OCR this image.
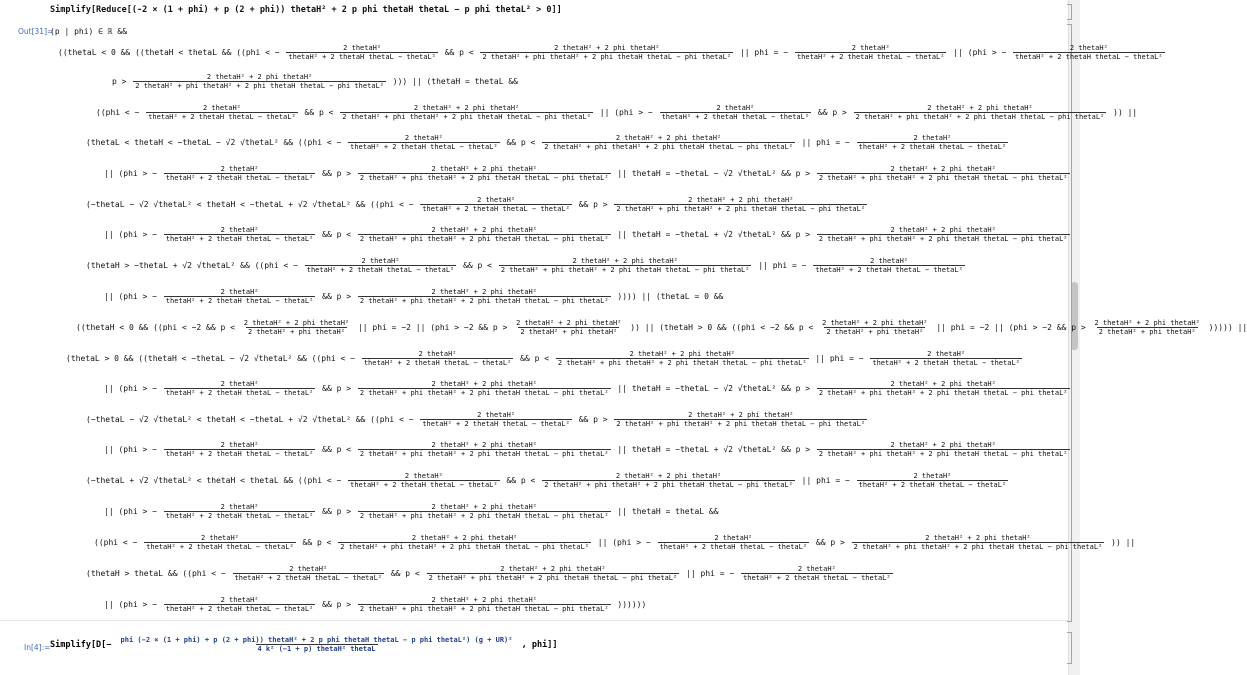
Simplify[Reduce[(-2 × (1 + phi) + p (2 + phi)) thetaH² + 2 p phi thetaH thetaL − p phi thetaL² > 0]]
Out[31]=
(p | phi) ∈ ℝ &&
((thetaL < 0 && ((thetaH < thetaL && ((phi < − $\frac{\text{2 thetaH²}}{\text{thetaH² + 2 thetaH thetaL − thetaL²}}$ && $p < \frac{\text{2 thetaH² + 2 phi thetaH²}}{\text{2 thetaH² + phi thetaH² + 2 phi thetaH thetaL − phi thetaL²}}$ || phi = − $\frac{\text{2 thetaH²}}{\text{thetaH² + 2 thetaH thetaL − thetaL²}}$ || (phi > − $\frac{\text{2 thetaH²}}{\text{thetaH² + 2 thetaH thetaL − thetaL²}}$
$p > \frac{\text{2 thetaH² + 2 phi thetaH²}}{\text{2 thetaH² + phi thetaH² + 2 phi thetaH thetaL − phi thetaL²}}$ ))) || (thetaH = thetaL &&
((phi < − $\frac{\text{2 thetaH²}}{\text{thetaH² + 2 thetaH thetaL − thetaL²}}$ && $p < \frac{\text{2 thetaH² + 2 phi thetaH²}}{\text{2 thetaH² + phi thetaH² + 2 phi thetaH thetaL − phi thetaL²}}$ || (phi > − $\frac{\text{2 thetaH²}}{\text{thetaH² + 2 thetaH thetaL − thetaL²}}$ && $p > \frac{\text{2 thetaH² + 2 phi thetaH²}}{\text{2 thetaH² + phi thetaH² + 2 phi thetaH thetaL − phi thetaL²}}$ )) ||
(thetaL < thetaH < −thetaL − √2 √thetaL² && ((phi < − $\frac{\text{2 thetaH²}}{\text{thetaH² + 2 thetaH thetaL − thetaL²}}$ && $p < \frac{\text{2 thetaH² + 2 phi thetaH²}}{\text{2 thetaH² + phi thetaH² + 2 phi thetaH thetaL − phi thetaL²}}$ || phi = − $\frac{\text{2 thetaH²}}{\text{thetaH² + 2 thetaH thetaL − thetaL²}}$
|| (phi > − $\frac{\text{2 thetaH²}}{\text{thetaH² + 2 thetaH thetaL − thetaL²}}$ && $p > \frac{\text{2 thetaH² + 2 phi thetaH²}}{\text{2 thetaH² + phi thetaH² + 2 phi thetaH thetaL − phi thetaL²}}$ || thetaH = −thetaL − √2 √thetaL² && $p > \frac{\text{2 thetaH² + 2 phi thetaH²}}{\text{2 thetaH² + phi thetaH² + 2 phi thetaH thetaL − phi thetaL²}}$
(−thetaL − √2 √thetaL² < thetaH < −thetaL + √2 √thetaL² && ((phi < − $\frac{\text{2 thetaH²}}{\text{thetaH² + 2 thetaH thetaL − thetaL²}}$ && $p > \frac{\text{2 thetaH² + 2 phi thetaH²}}{\text{2 thetaH² + phi thetaH² + 2 phi thetaH thetaL − phi thetaL²}}$
|| (phi > − $\frac{\text{2 thetaH²}}{\text{thetaH² + 2 thetaH thetaL − thetaL²}}$ && $p < \frac{\text{2 thetaH² + 2 phi thetaH²}}{\text{2 thetaH² + phi thetaH² + 2 phi thetaH thetaL − phi thetaL²}}$ || thetaH = −thetaL + √2 √thetaL² && $p > \frac{\text{2 thetaH² + 2 phi thetaH²}}{\text{2 thetaH² + phi thetaH² + 2 phi thetaH thetaL − phi thetaL²}}$
(thetaH > −thetaL + √2 √thetaL² && ((phi < − $\frac{\text{2 thetaH²}}{\text{thetaH² + 2 thetaH thetaL − thetaL²}}$ && $p < \frac{\text{2 thetaH² + 2 phi thetaH²}}{\text{2 thetaH² + phi thetaH² + 2 phi thetaH thetaL − phi thetaL²}}$ || phi = − $\frac{\text{2 thetaH²}}{\text{thetaH² + 2 thetaH thetaL − thetaL²}}$
|| (phi > − $\frac{\text{2 thetaH²}}{\text{thetaH² + 2 thetaH thetaL − thetaL²}}$ && $p > \frac{\text{2 thetaH² + 2 phi thetaH²}}{\text{2 thetaH² + phi thetaH² + 2 phi thetaH thetaL − phi thetaL²}}$ )))) || (thetaL = 0 &&
((thetaH < 0 && ((phi < −2 && $p < \frac{\text{2 thetaH² + 2 phi thetaH²}}{\text{2 thetaH² + phi thetaH²}}$ || phi = −2 || (phi > −2 && $p > \frac{\text{2 thetaH² + 2 phi thetaH²}}{\text{2 thetaH² + phi thetaH²}}$ )) || (thetaH > 0 && ((phi < −2 && $p < \frac{\text{2 thetaH² + 2 phi thetaH²}}{\text{2 thetaH² + phi thetaH²}}$ || phi = −2 || (phi > −2 && $p > \frac{\text{2 thetaH² + 2 phi thetaH²}}{\text{2 thetaH² + phi thetaH²}}$ ))))) ||
(thetaL > 0 && ((thetaH < −thetaL − √2 √thetaL² && ((phi < − $\frac{\text{2 thetaH²}}{\text{thetaH² + 2 thetaH thetaL − thetaL²}}$ && $p < \frac{\text{2 thetaH² + 2 phi thetaH²}}{\text{2 thetaH² + phi thetaH² + 2 phi thetaH thetaL − phi thetaL²}}$ || phi = − $\frac{\text{2 thetaH²}}{\text{thetaH² + 2 thetaH thetaL − thetaL²}}$
|| (phi > − $\frac{\text{2 thetaH²}}{\text{thetaH² + 2 thetaH thetaL − thetaL²}}$ && $p > \frac{\text{2 thetaH² + 2 phi thetaH²}}{\text{2 thetaH² + phi thetaH² + 2 phi thetaH thetaL − phi thetaL²}}$ || thetaH = −thetaL − √2 √thetaL² && $p > \frac{\text{2 thetaH² + 2 phi thetaH²}}{\text{2 thetaH² + phi thetaH² + 2 phi thetaH thetaL − phi thetaL²}}$
(−thetaL − √2 √thetaL² < thetaH < −thetaL + √2 √thetaL² && ((phi < − $\frac{\text{2 thetaH²}}{\text{thetaH² + 2 thetaH thetaL − thetaL²}}$ && $p > \frac{\text{2 thetaH² + 2 phi thetaH²}}{\text{2 thetaH² + phi thetaH² + 2 phi thetaH thetaL − phi thetaL²}}$
|| (phi > − $\frac{\text{2 thetaH²}}{\text{thetaH² + 2 thetaH thetaL − thetaL²}}$ && $p < \frac{\text{2 thetaH² + 2 phi thetaH²}}{\text{2 thetaH² + phi thetaH² + 2 phi thetaH thetaL − phi thetaL²}}$ || thetaH = −thetaL + √2 √thetaL² && $p > \frac{\text{2 thetaH² + 2 phi thetaH²}}{\text{2 thetaH² + phi thetaH² + 2 phi thetaH thetaL − phi thetaL²}}$
(−thetaL + √2 √thetaL² < thetaH < thetaL && ((phi < − $\frac{\text{2 thetaH²}}{\text{thetaH² + 2 thetaH thetaL − thetaL²}}$ && $p < \frac{\text{2 thetaH² + 2 phi thetaH²}}{\text{2 thetaH² + phi thetaH² + 2 phi thetaH thetaL − phi thetaL²}}$ || phi = − $\frac{\text{2 thetaH²}}{\text{thetaH² + 2 thetaH thetaL − thetaL²}}$
|| (phi > − $\frac{\text{2 thetaH²}}{\text{thetaH² + 2 thetaH thetaL − thetaL²}}$ && $p > \frac{\text{2 thetaH² + 2 phi thetaH²}}{\text{2 thetaH² + phi thetaH² + 2 phi thetaH thetaL − phi thetaL²}}$ || thetaH = thetaL &&
((phi < − $\frac{\text{2 thetaH²}}{\text{thetaH² + 2 thetaH thetaL − thetaL²}}$ && $p < \frac{\text{2 thetaH² + 2 phi thetaH²}}{\text{2 thetaH² + phi thetaH² + 2 phi thetaH thetaL − phi thetaL²}}$ || (phi > − $\frac{\text{2 thetaH²}}{\text{thetaH² + 2 thetaH thetaL − thetaL²}}$ && $p > \frac{\text{2 thetaH² + 2 phi thetaH²}}{\text{2 thetaH² + phi thetaH² + 2 phi thetaH thetaL − phi thetaL²}}$ )) ||
(thetaH > thetaL && ((phi < − $\frac{\text{2 thetaH²}}{\text{thetaH² + 2 thetaH thetaL − thetaL²}}$ && $p < \frac{\text{2 thetaH² + 2 phi thetaH²}}{\text{2 thetaH² + phi thetaH² + 2 phi thetaH thetaL − phi thetaL²}}$ || phi = − $\frac{\text{2 thetaH²}}{\text{thetaH² + 2 thetaH thetaL − thetaL²}}$
|| (phi > − $\frac{\text{2 thetaH²}}{\text{thetaH² + 2 thetaH thetaL − thetaL²}}$ && $p > \frac{\text{2 thetaH² + 2 phi thetaH²}}{\text{2 thetaH² + phi thetaH² + 2 phi thetaH thetaL − phi thetaL²}}$ ))))))
In[4]:= Simplify[D[− phi (−2 × (1 + phi) + p (2 + phi)) thetaH² + 2 p phi thetaH thetaL − p phi thetaL²) (g + UR)²
4 k² (−1 + p) thetaH² thetaL	, phi]]
